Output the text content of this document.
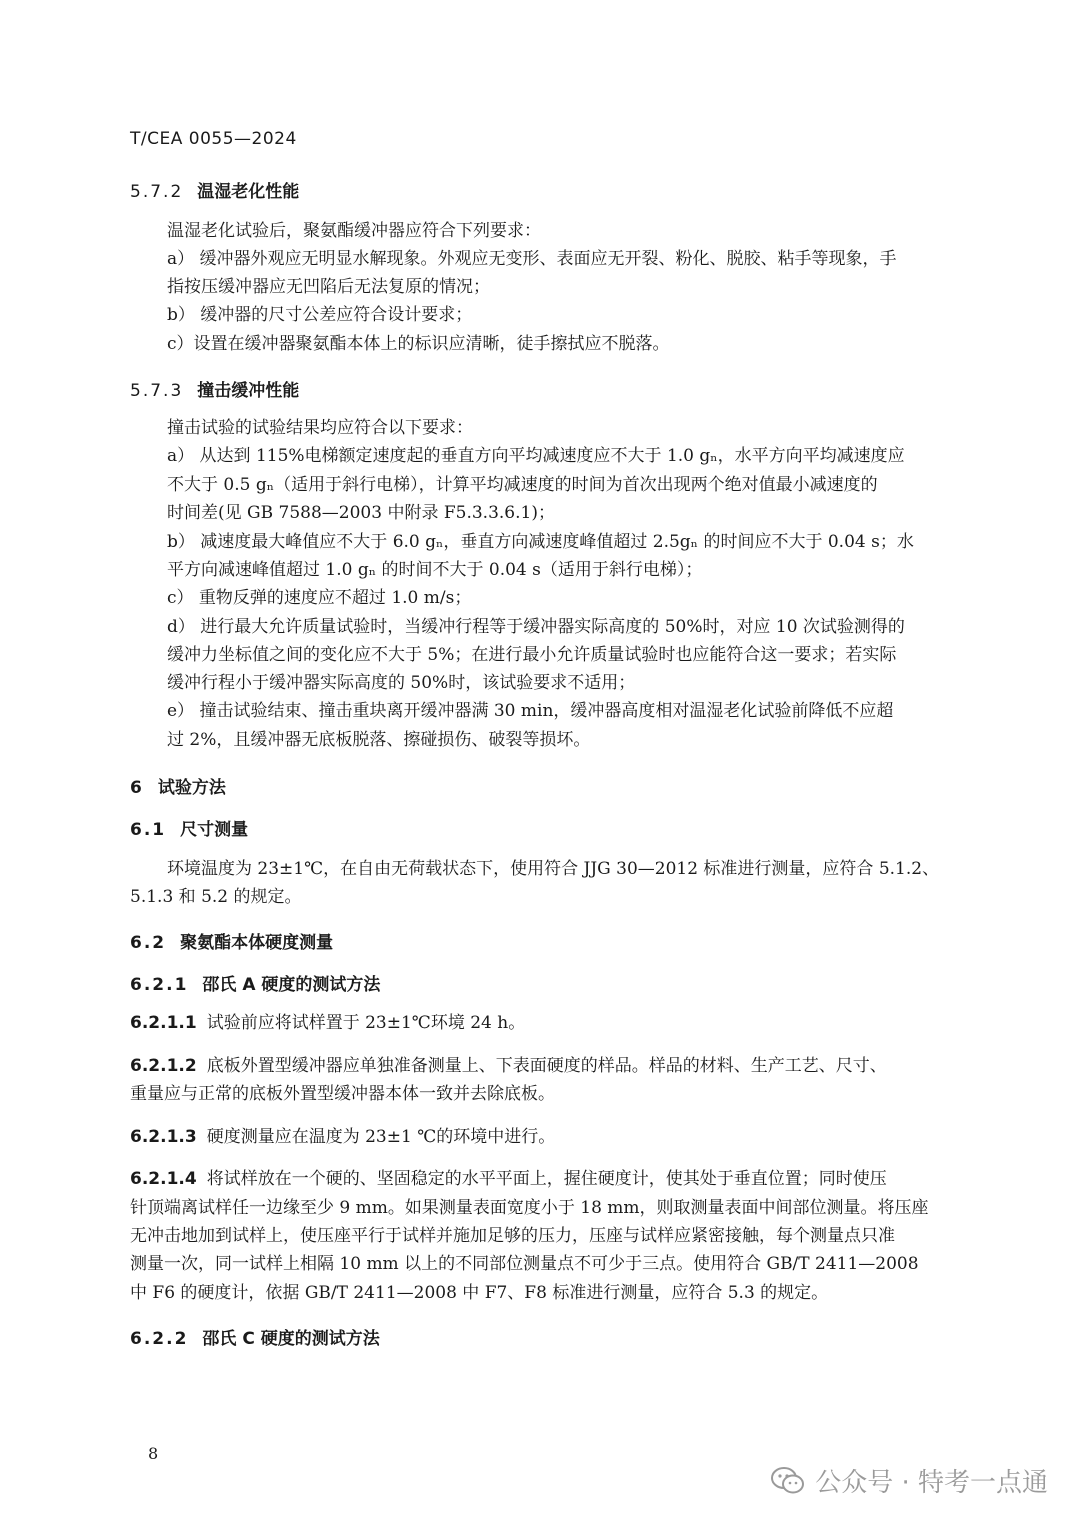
T/CEA 0055—2024
5.7.2 温湿老化性能
温湿老化试验后，聚氨酯缓冲器应符合下列要求：
a） 缓冲器外观应无明显水解现象。外观应无变形、表面应无开裂、粉化、脱胶、粘手等现象，手
指按压缓冲器应无凹陷后无法复原的情况；
b） 缓冲器的尺寸公差应符合设计要求；
c）设置在缓冲器聚氨酯本体上的标识应清晰，徒手擦拭应不脱落。
5.7.3 撞击缓冲性能
撞击试验的试验结果均应符合以下要求：
a） 从达到 115%电梯额定速度起的垂直方向平均减速度应不大于 1.0 gₙ，水平方向平均减速度应
不大于 0.5 gₙ（适用于斜行电梯），计算平均减速度的时间为首次出现两个绝对值最小减速度的
时间差(见 GB 7588—2003 中附录 F5.3.3.6.1)；
b） 减速度最大峰值应不大于 6.0 gₙ，垂直方向减速度峰值超过 2.5gₙ 的时间应不大于 0.04 s；水
平方向减速峰值超过 1.0 gₙ 的时间不大于 0.04 s（适用于斜行电梯）；
c） 重物反弹的速度应不超过 1.0 m/s；
d） 进行最大允许质量试验时，当缓冲行程等于缓冲器实际高度的 50%时，对应 10 次试验测得的
缓冲力坐标值之间的变化应不大于 5%；在进行最小允许质量试验时也应能符合这一要求；若实际
缓冲行程小于缓冲器实际高度的 50%时，该试验要求不适用；
e） 撞击试验结束、撞击重块离开缓冲器满 30 min，缓冲器高度相对温湿老化试验前降低不应超
过 2%，且缓冲器无底板脱落、擦碰损伤、破裂等损坏。
6 试验方法
6.1 尺寸测量
环境温度为 23±1℃，在自由无荷载状态下，使用符合 JJG 30—2012 标准进行测量，应符合 5.1.2、
5.1.3 和 5.2 的规定。
6.2 聚氨酯本体硬度测量
6.2.1 邵氏 A 硬度的测试方法
6.2.1.1 试验前应将试样置于 23±1℃环境 24 h。
6.2.1.2 底板外置型缓冲器应单独准备测量上、下表面硬度的样品。样品的材料、生产工艺、尺寸、
重量应与正常的底板外置型缓冲器本体一致并去除底板。
6.2.1.3 硬度测量应在温度为 23±1 ℃的环境中进行。
6.2.1.4 将试样放在一个硬的、坚固稳定的水平平面上，握住硬度计，使其处于垂直位置；同时使压
针顶端离试样任一边缘至少 9 mm。如果测量表面宽度小于 18 mm，则取测量表面中间部位测量。将压座
无冲击地加到试样上，使压座平行于试样并施加足够的压力，压座与试样应紧密接触，每个测量点只准
测量一次，同一试样上相隔 10 mm 以上的不同部位测量点不可少于三点。使用符合 GB/T 2411—2008
中 F6 的硬度计，依据 GB/T 2411—2008 中 F7、F8 标准进行测量，应符合 5.3 的规定。
6.2.2 邵氏 C 硬度的测试方法
8
公众号 · 特考一点通
